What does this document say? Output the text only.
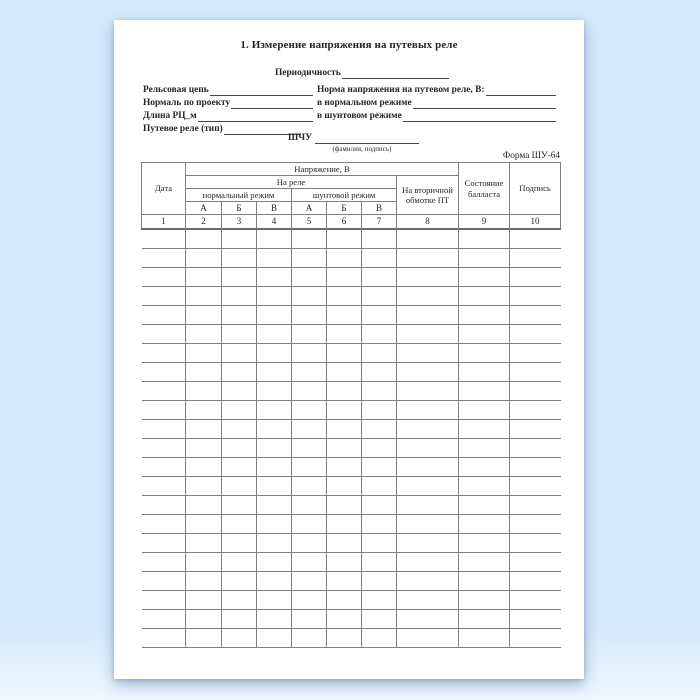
1. Измерение напряжения на путевых реле
Периодичность
Рельсовая цепь	Норма напряжения на путевом реле, В:
Нормаль по проекту	в нормальном режиме
Длина РЦ_м	в шунтовом режиме
Путевое реле (тип)
ШЧУ

(фамилия, подпись)
Форма ШУ-64
Дата	Напряжение, В							Состояние балласта	Подпись
	На реле						На вторичной обмотке ПТ		
	нормальный режим			шунтовой режим					
	А	Б	В	А	Б	В			
1	2	3	4	5	6	7	8	9	10
